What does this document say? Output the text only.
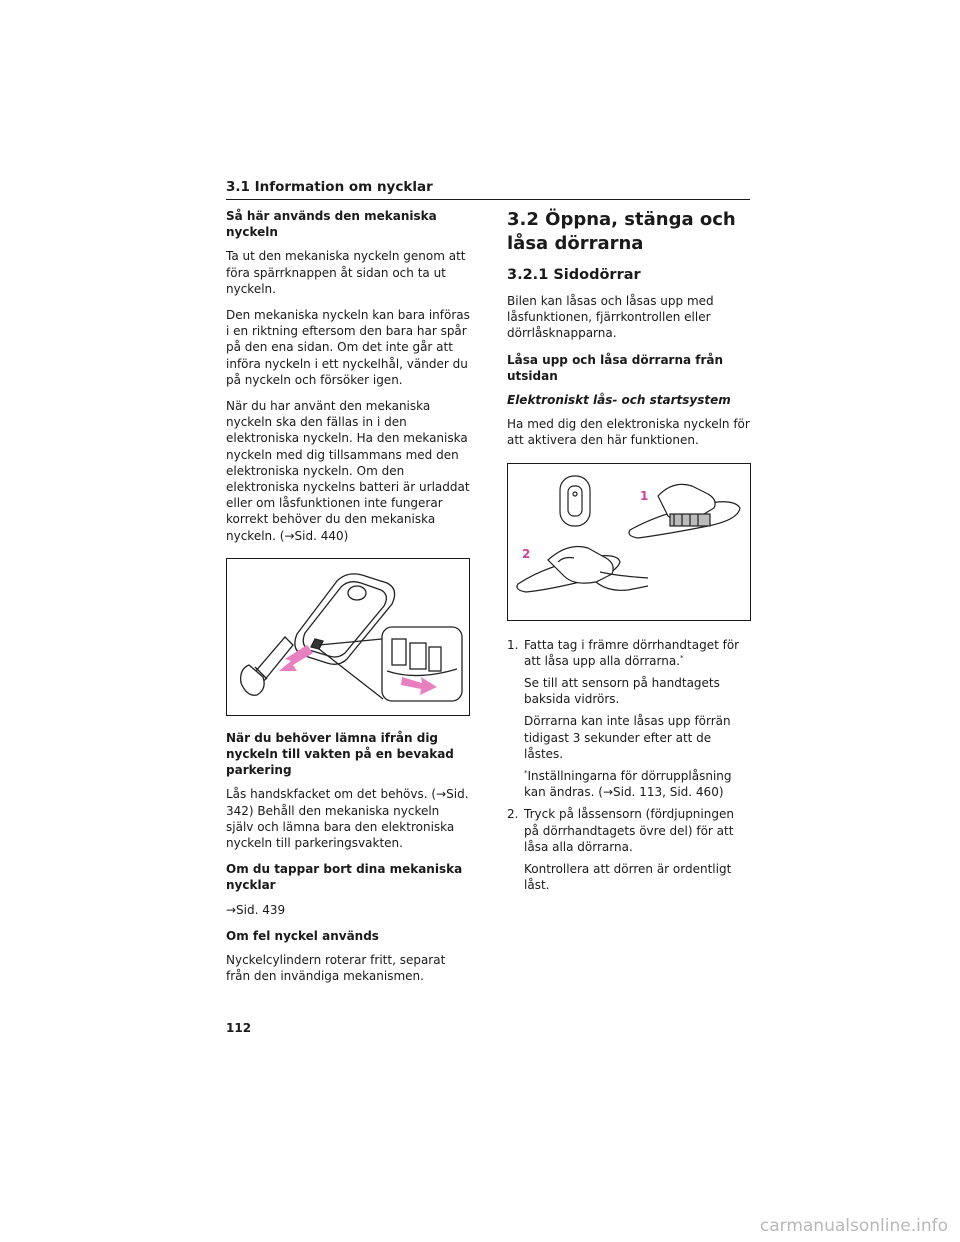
3.1 Information om nycklar
Så här används den mekaniska nyckeln

Ta ut den mekaniska nyckeln genom att föra spärrknappen åt sidan och ta ut nyckeln.

Den mekaniska nyckeln kan bara införas i en riktning eftersom den bara har spår på den ena sidan. Om det inte går att införa nyckeln i ett nyckelhål, vänder du på nyckeln och försöker igen.

När du har använt den mekaniska nyckeln ska den fällas in i den elektroniska nyckeln. Ha den mekaniska nyckeln med dig tillsammans med den elektroniska nyckeln. Om den elektroniska nyckelns batteri är urladdat eller om låsfunktionen inte fungerar korrekt behöver du den mekaniska nyckeln. (→Sid. 440)

När du behöver lämna ifrån dig nyckeln till vakten på en bevakad parkering

Lås handskfacket om det behövs. (→Sid. 342) Behåll den mekaniska nyckeln själv och lämna bara den elektroniska nyckeln till parkeringsvakten.

Om du tappar bort dina mekaniska nycklar

→Sid. 439

Om fel nyckel används

Nyckelcylindern roterar fritt, separat från den invändiga mekanismen.

3.2 Öppna, stänga och låsa dörrarna
3.2.1 Sidodörrar

Bilen kan låsas och låsas upp med låsfunktionen, fjärrkontrollen eller dörrlåsknapparna.

Låsa upp och låsa dörrarna från utsidan
Elektroniskt lås- och startsystem

Ha med dig den elektroniska nyckeln för att aktivera den här funktionen.

1
2
1. Fatta tag i främre dörrhandtaget för att låsa upp alla dörrarna.*
Se till att sensorn på handtagets baksida vidrörs.
Dörrarna kan inte låsas upp förrän tidigast 3 sekunder efter att de låstes.
*Inställningarna för dörrupplåsning kan ändras. (→Sid. 113, Sid. 460)
2. Tryck på låssensorn (fördjupningen på dörrhandtagets övre del) för att låsa alla dörrarna.
Kontrollera att dörren är ordentligt låst.
112
carmanualsonline.info
